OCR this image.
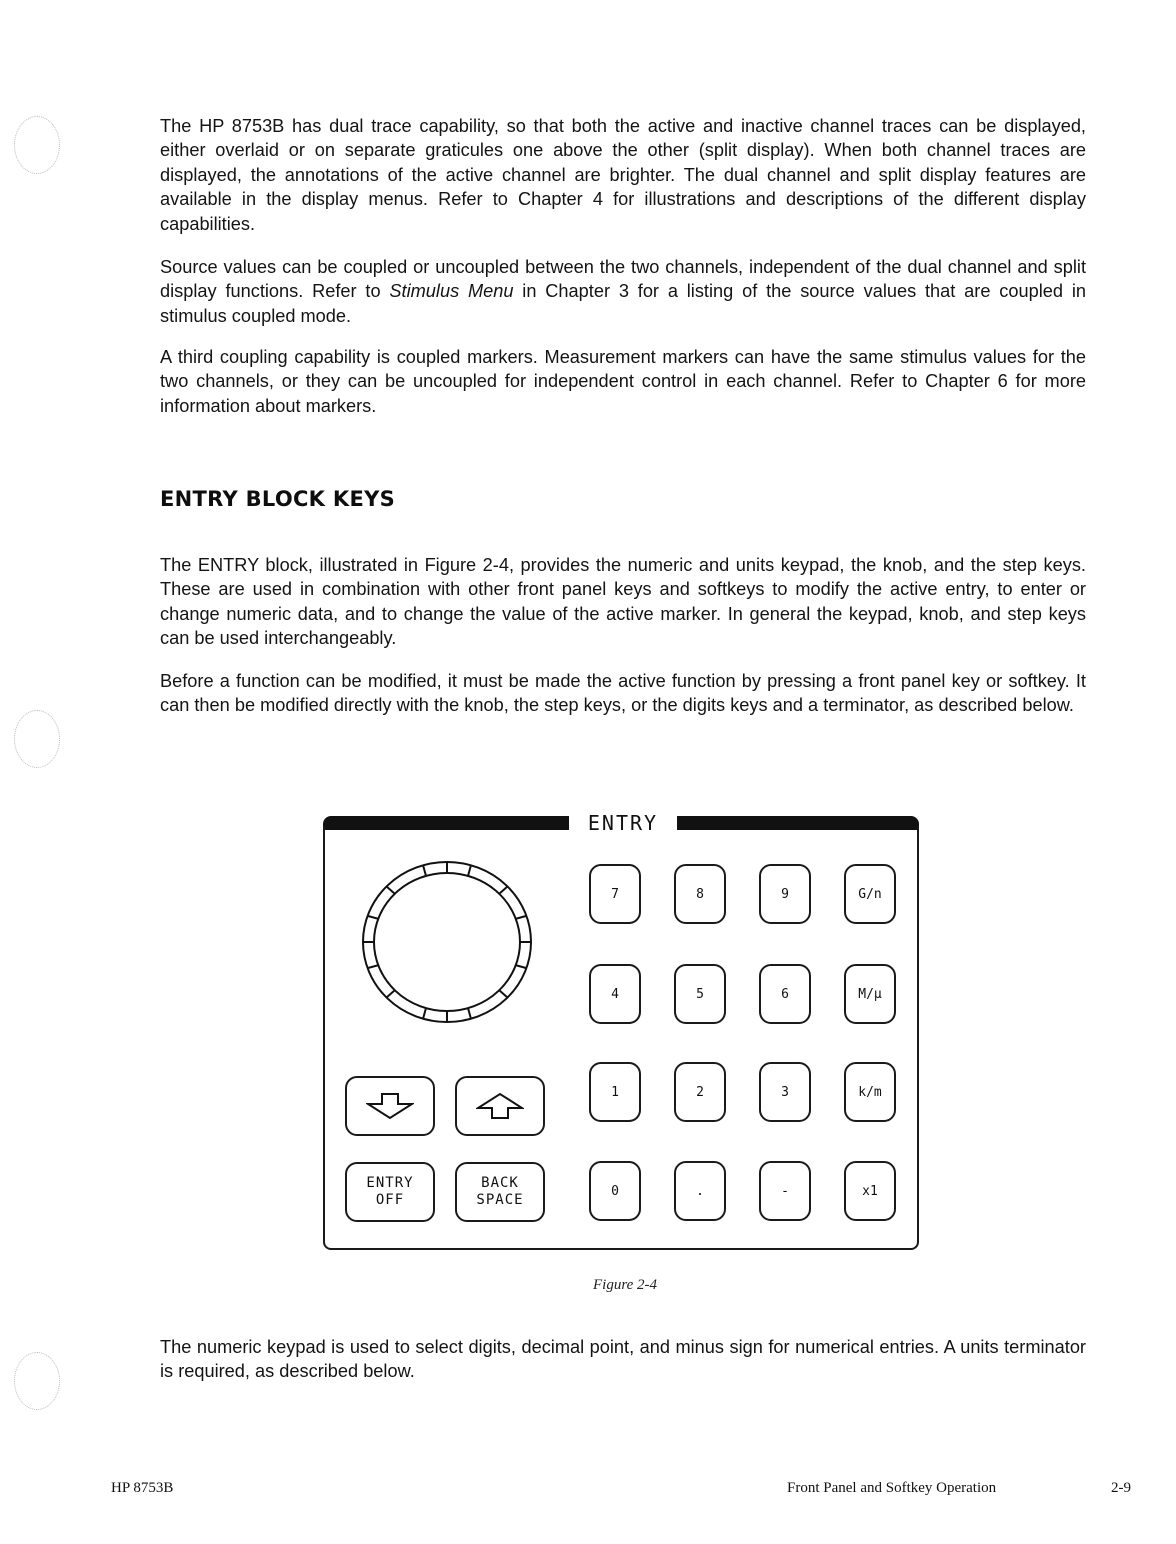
The HP 8753B has dual trace capability, so that both the active and inactive channel traces can be displayed, either overlaid or on separate graticules one above the other (split display). When both channel traces are displayed, the annotations of the active channel are brighter. The dual channel and split display features are available in the display menus. Refer to Chapter 4 for illustrations and descriptions of the different display capabilities.

Source values can be coupled or uncoupled between the two channels, independent of the dual channel and split display functions. Refer to Stimulus Menu in Chapter 3 for a listing of the source values that are coupled in stimulus coupled mode.

A third coupling capability is coupled markers. Measurement markers can have the same stimulus values for the two channels, or they can be uncoupled for independent control in each channel. Refer to Chapter 6 for more information about markers.

ENTRY BLOCK KEYS

The ENTRY block, illustrated in Figure 2-4, provides the numeric and units keypad, the knob, and the step keys. These are used in combination with other front panel keys and softkeys to modify the active entry, to enter or change numeric data, and to change the value of the active marker. In general the keypad, knob, and step keys can be used interchangeably.

Before a function can be modified, it must be made the active function by pressing a front panel key or softkey. It can then be modified directly with the knob, the step keys, or the digits keys and a terminator, as described below.

ENTRY
ENTRY
OFF
BACK
SPACE
7	8	9	G/n
4	5	6	M/μ
1	2	3	k/m
0	.	-	x1
Figure 2-4

The numeric keypad is used to select digits, decimal point, and minus sign for numerical entries. A units terminator is required, as described below.

HP 8753B	Front Panel and Softkey Operation	2-9
